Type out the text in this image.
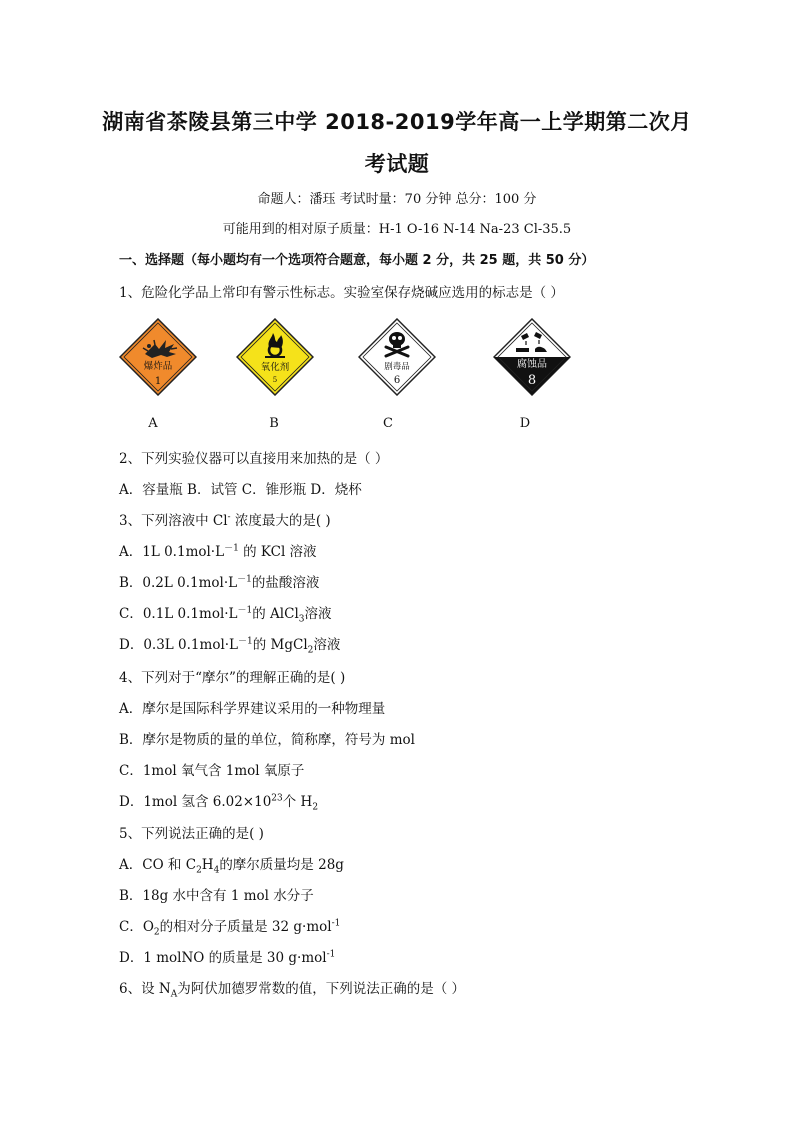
湖南省茶陵县第三中学 2018-2019学年高一上学期第二次月
考试题
命题人：潘珏 考试时量：70 分钟 总分：100 分
可能用到的相对原子质量：H-1 O-16 N-14 Na-23 Cl-35.5
一、选择题（每小题均有一个选项符合题意，每小题 2 分，共 25 题，共 50 分）
1、危险化学品上常印有警示性标志。实验室保存烧碱应选用的标志是（ ）
爆炸品
1
氧化剂
5
剧毒品
6
腐蚀品
8
A	B	C	D
2、下列实验仪器可以直接用来加热的是（ ）
A．容量瓶 B．试管 C．锥形瓶 D．烧杯
3、下列溶液中 Cl- 浓度最大的是( )
A．1L $0.1mol\cdot L^{-1}$ 的 KCl 溶液
B．0.2L $0.1mol\cdot L^{-1}$的盐酸溶液
C．0.1L $0.1mol\cdot L^{-1}$的 AlCl$_3$溶液
D．0.3L $0.1mol\cdot L^{-1}$的 MgCl$_2$溶液
4、下列对于“摩尔”的理解正确的是( )
A．摩尔是国际科学界建议采用的一种物理量
B．摩尔是物质的量的单位，简称摩，符号为 mol
C．1mol 氧气含 1mol 氧原子
D．1mol 氢含 $6.02\times 10^{23}$个 $H_2$
5、下列说法正确的是( )
A．CO 和 $C_2H_4$的摩尔质量均是 28g
B．18g 水中含有 1 mol 水分子
C．$O_2$的相对分子质量是 32 g·mol$^{-1}$
D．1 molNO 的质量是 30 g·mol$^{-1}$
6、设 $N_A$为阿伏加德罗常数的值，下列说法正确的是（ ）
